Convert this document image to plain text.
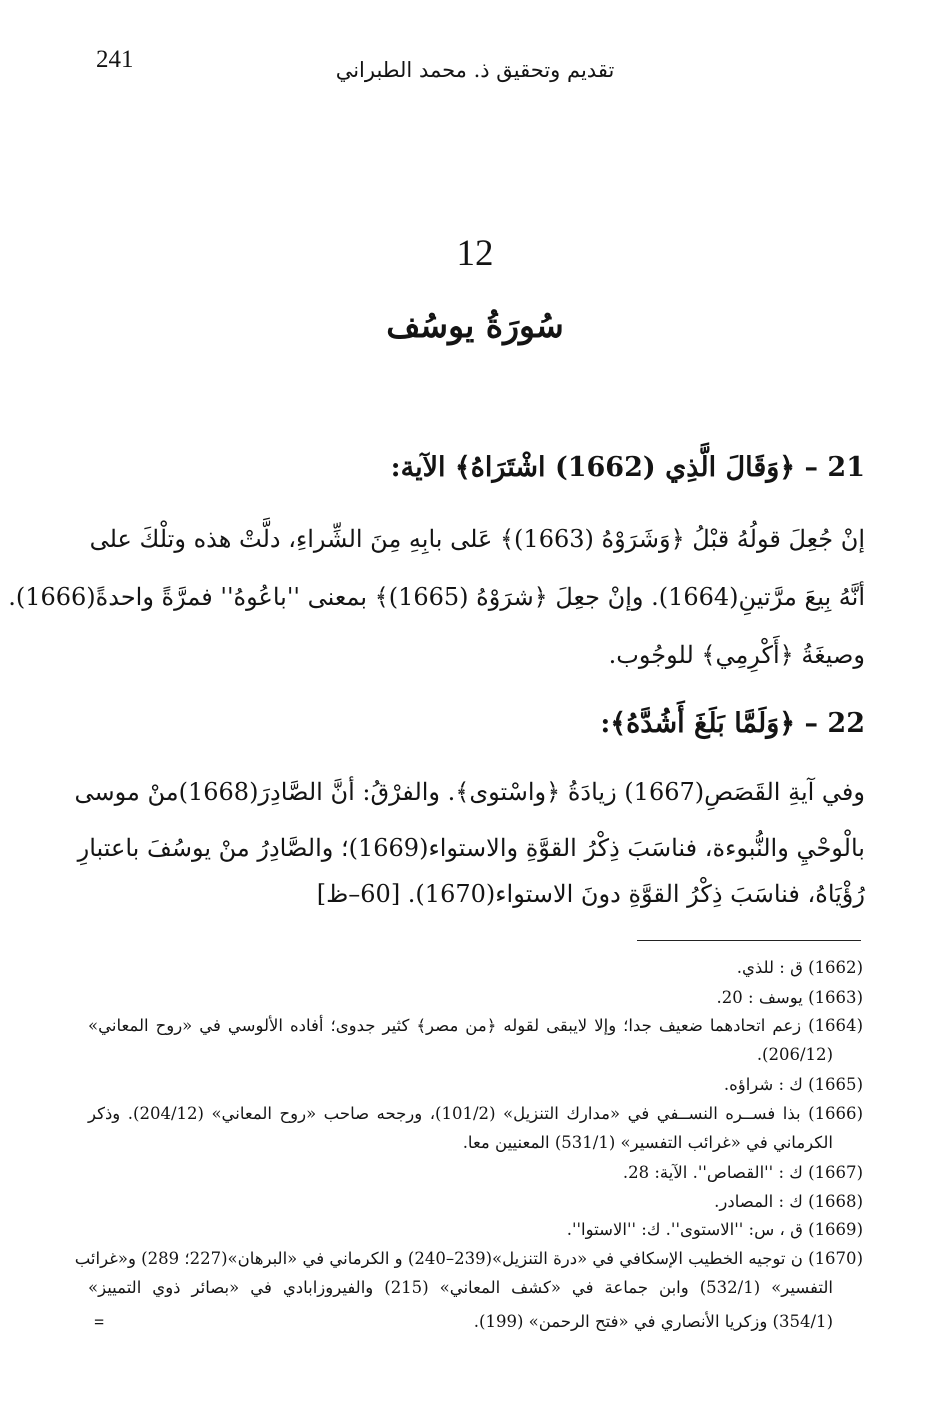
241	تقديم وتحقيق ذ. محمد الطبراني
12
سُورَةُ يوسُف
21 – ﴿وَقَالَ الَّذِي (1662) اشْتَرَاهُ﴾ الآية:
إنْ جُعِلَ قولُهُ قبْلُ ﴿وَشَرَوْهُ (1663)﴾ عَلى بابِهِ مِنَ الشِّراءِ، دلَّتْ هذه وتلْكَ على
أنَّهُ بِيعَ مرَّتينِ(1664). وإنْ جعِلَ ﴿شرَوْهُ (1665)﴾ بمعنى ''باعُوهُ'' فمرَّةً واحدةً(1666).
وصيغَةُ ﴿أَكْرِمِي﴾ للوجُوب.
22 – ﴿وَلَمَّا بَلَغَ أَشُدَّهُ﴾:
وفي آيةِ القَصَصِ(1667) زيادَةُ ﴿واسْتوى﴾. والفرْقُ: أنَّ الصَّادِرَ(1668)منْ موسى
بالْوحْيِ والنُّبوءة، فناسَبَ ذِكْرُ القوَّةِ والاستواء(1669)؛ والصَّادِرُ منْ يوسُفَ باعتبارِ
رُؤْيَاهُ، فناسَبَ ذِكْرُ القوَّةِ دونَ الاستواء(1670). [60–ظ]
(1662) ق : للذي.
(1663) يوسف : 20.
(1664) زعم اتحادهما ضعيف جدا؛ وإلا لايبقى لقوله ﴿من مصر﴾ كثير جدوى؛ أفاده الألوسي في «روح المعاني»
(206/12).
(1665) ك : شراؤه.
(1666) بذا فســره النســفي في «مدارك التنزيل» (101/2)، ورجحه صاحب «روح المعاني» (204/12). وذكر
الكرماني في «غرائب التفسير» (531/1) المعنيين معا.
(1667) ك : ''القصاص''. الآية: 28.
(1668) ك : المصادر.
(1669) ق ، س: ''الاستوى''. ك: ''الاستوا''.
(1670) ن توجيه الخطيب الإسكافي في «درة التنزيل»(239–240) و الكرماني في «البرهان»(227؛ 289) و«غرائب
التفسير» (532/1) وابن جماعة في «كشف المعاني» (215) والفيروزابادي في «بصائر ذوي التمييز»
(354/1) وزكريا الأنصاري في «فتح الرحمن» (199).
=
